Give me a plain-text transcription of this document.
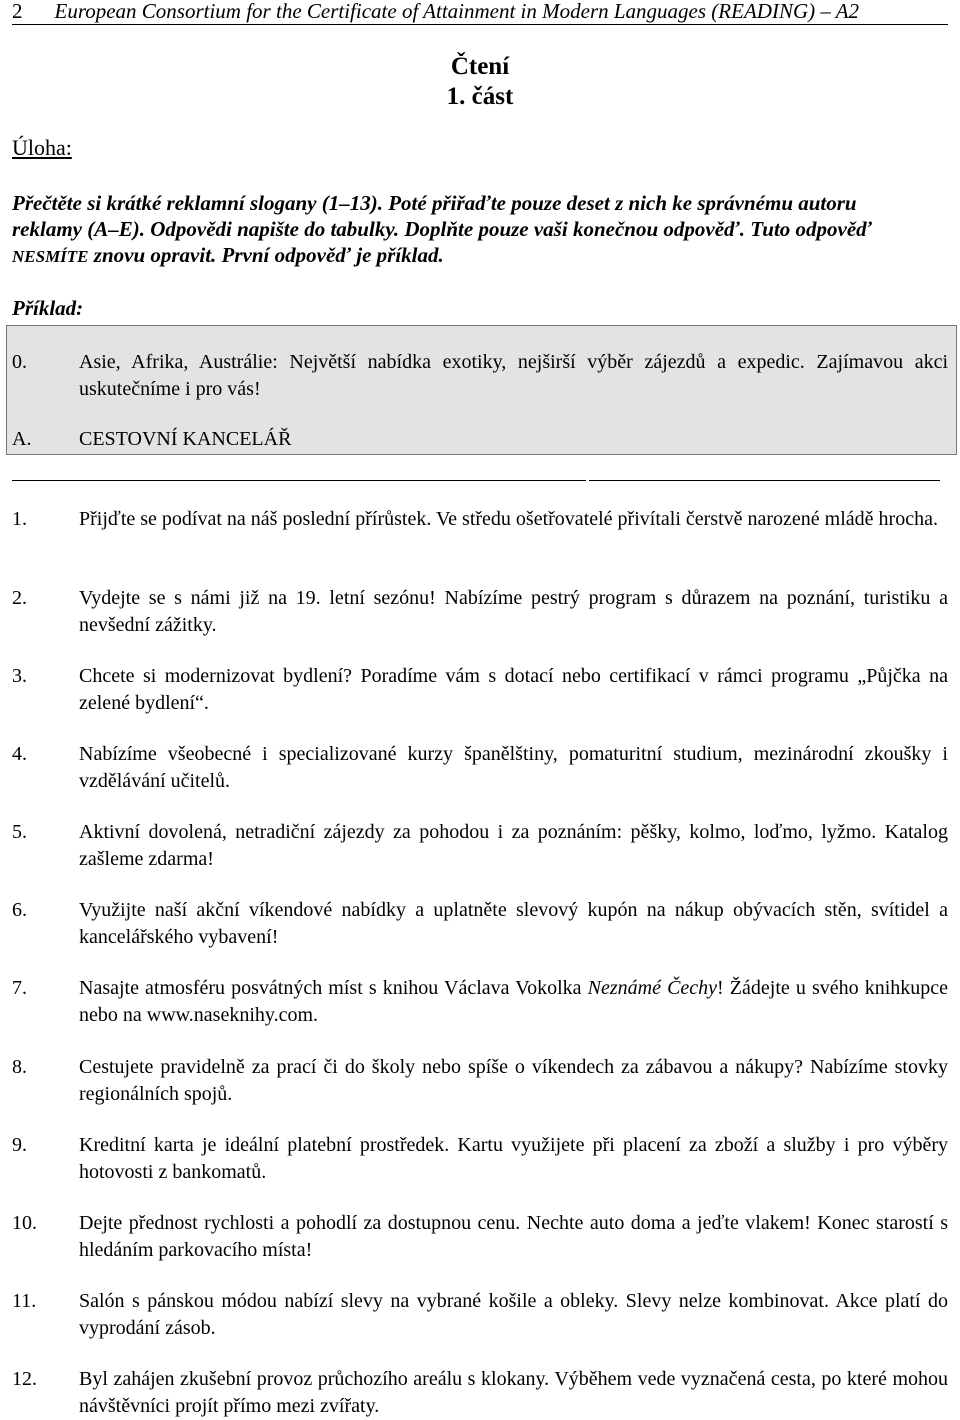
2 European Consortium for the Certificate of Attainment in Modern Languages (READING) – A2
Čtení
1. část
Úloha:
Přečtěte si krátké reklamní slogany (1–13). Poté přiřaďte pouze deset z nich ke správnému autoru
reklamy (A–E). Odpovědi napište do tabulky. Doplňte pouze vaši konečnou odpověď. Tuto odpověď
NESMÍTE znovu opravit. První odpověď je příklad.
Příklad:
0.	Asie, Afrika, Austrálie: Největší nabídka exotiky, nejširší výběr zájezdů a expedic. Zajímavou akci uskutečníme i pro vás!
A. CESTOVNÍ KANCELÁŘ
1.	Přijďte se podívat na náš poslední přírůstek. Ve středu ošetřovatelé přivítali čerstvě narozené mládě hrocha.
2.	Vydejte se s námi již na 19. letní sezónu! Nabízíme pestrý program s důrazem na poznání, turistiku a nevšední zážitky.
3.	Chcete si modernizovat bydlení? Poradíme vám s dotací nebo certifikací v rámci programu „Půjčka na zelené bydlení“.
4.	Nabízíme všeobecné i specializované kurzy španělštiny, pomaturitní studium, mezinárodní zkoušky i vzdělávání učitelů.
5.	Aktivní dovolená, netradiční zájezdy za pohodou i za poznáním: pěšky, kolmo, loďmo, lyžmo. Katalog zašleme zdarma!
6.	Využijte naší akční víkendové nabídky a uplatněte slevový kupón na nákup obývacích stěn, svítidel a kancelářského vybavení!
7.	Nasajte atmosféru posvátných míst s knihou Václava Vokolka Neznámé Čechy! Žádejte u svého knihkupce nebo na www.naseknihy.com.
8.	Cestujete pravidelně za prací či do školy nebo spíše o víkendech za zábavou a nákupy? Nabízíme stovky regionálních spojů.
9.	Kreditní karta je ideální platební prostředek. Kartu využijete při placení za zboží a služby i pro výběry hotovosti z bankomatů.
10. Dejte přednost rychlosti a pohodlí za dostupnou cenu. Nechte auto doma a jeďte vlakem! Konec starostí s hledáním parkovacího místa!
11. Salón s pánskou módou nabízí slevy na vybrané košile a obleky. Slevy nelze kombinovat. Akce platí do vyprodání zásob.
12. Byl zahájen zkušební provoz průchozího areálu s klokany. Výběhem vede vyznačená cesta, po které mohou návštěvníci projít přímo mezi zvířaty.
